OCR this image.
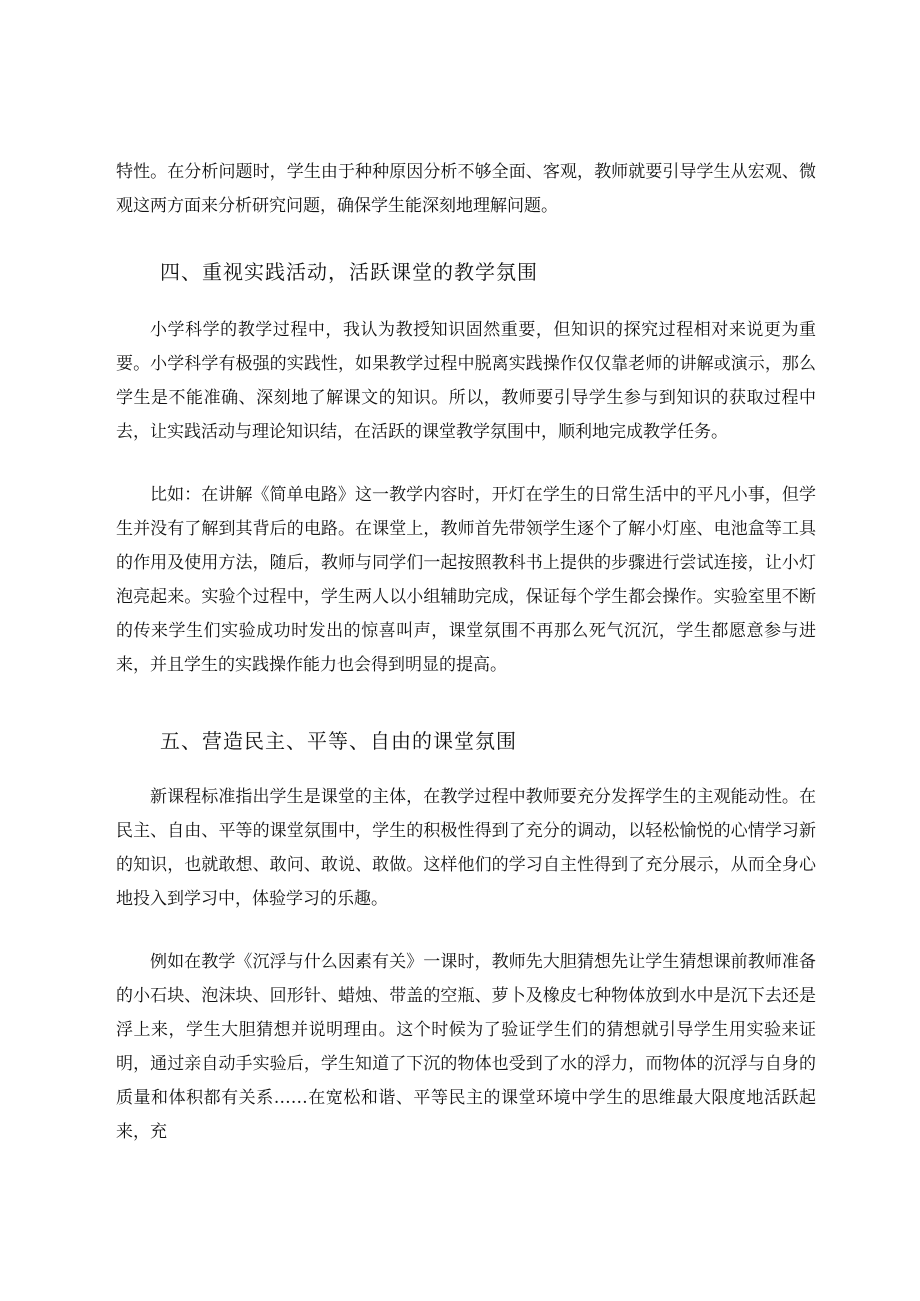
特性。在分析问题时，学生由于种种原因分析不够全面、客观，教师就要引导学生从宏观、微观这两方面来分析研究问题，确保学生能深刻地理解问题。

四、重视实践活动，活跃课堂的教学氛围

小学科学的教学过程中，我认为教授知识固然重要，但知识的探究过程相对来说更为重要。小学科学有极强的实践性，如果教学过程中脱离实践操作仅仅靠老师的讲解或演示，那么学生是不能准确、深刻地了解课文的知识。所以，教师要引导学生参与到知识的获取过程中去，让实践活动与理论知识结，在活跃的课堂教学氛围中，顺利地完成教学任务。

比如：在讲解《简单电路》这一教学内容时，开灯在学生的日常生活中的平凡小事，但学生并没有了解到其背后的电路。在课堂上，教师首先带领学生逐个了解小灯座、电池盒等工具的作用及使用方法，随后，教师与同学们一起按照教科书上提供的步骤进行尝试连接，让小灯泡亮起来。实验个过程中，学生两人以小组辅助完成，保证每个学生都会操作。实验室里不断的传来学生们实验成功时发出的惊喜叫声，课堂氛围不再那么死气沉沉，学生都愿意参与进来，并且学生的实践操作能力也会得到明显的提高。

五、营造民主、平等、自由的课堂氛围

新课程标准指出学生是课堂的主体，在教学过程中教师要充分发挥学生的主观能动性。在民主、自由、平等的课堂氛围中，学生的积极性得到了充分的调动，以轻松愉悦的心情学习新的知识，也就敢想、敢问、敢说、敢做。这样他们的学习自主性得到了充分展示，从而全身心地投入到学习中，体验学习的乐趣。

例如在教学《沉浮与什么因素有关》一课时，教师先大胆猜想先让学生猜想课前教师准备的小石块、泡沫块、回形针、蜡烛、带盖的空瓶、萝卜及橡皮七种物体放到水中是沉下去还是浮上来，学生大胆猜想并说明理由。这个时候为了验证学生们的猜想就引导学生用实验来证明，通过亲自动手实验后，学生知道了下沉的物体也受到了水的浮力，而物体的沉浮与自身的质量和体积都有关系……在宽松和谐、平等民主的课堂环境中学生的思维最大限度地活跃起来，充
